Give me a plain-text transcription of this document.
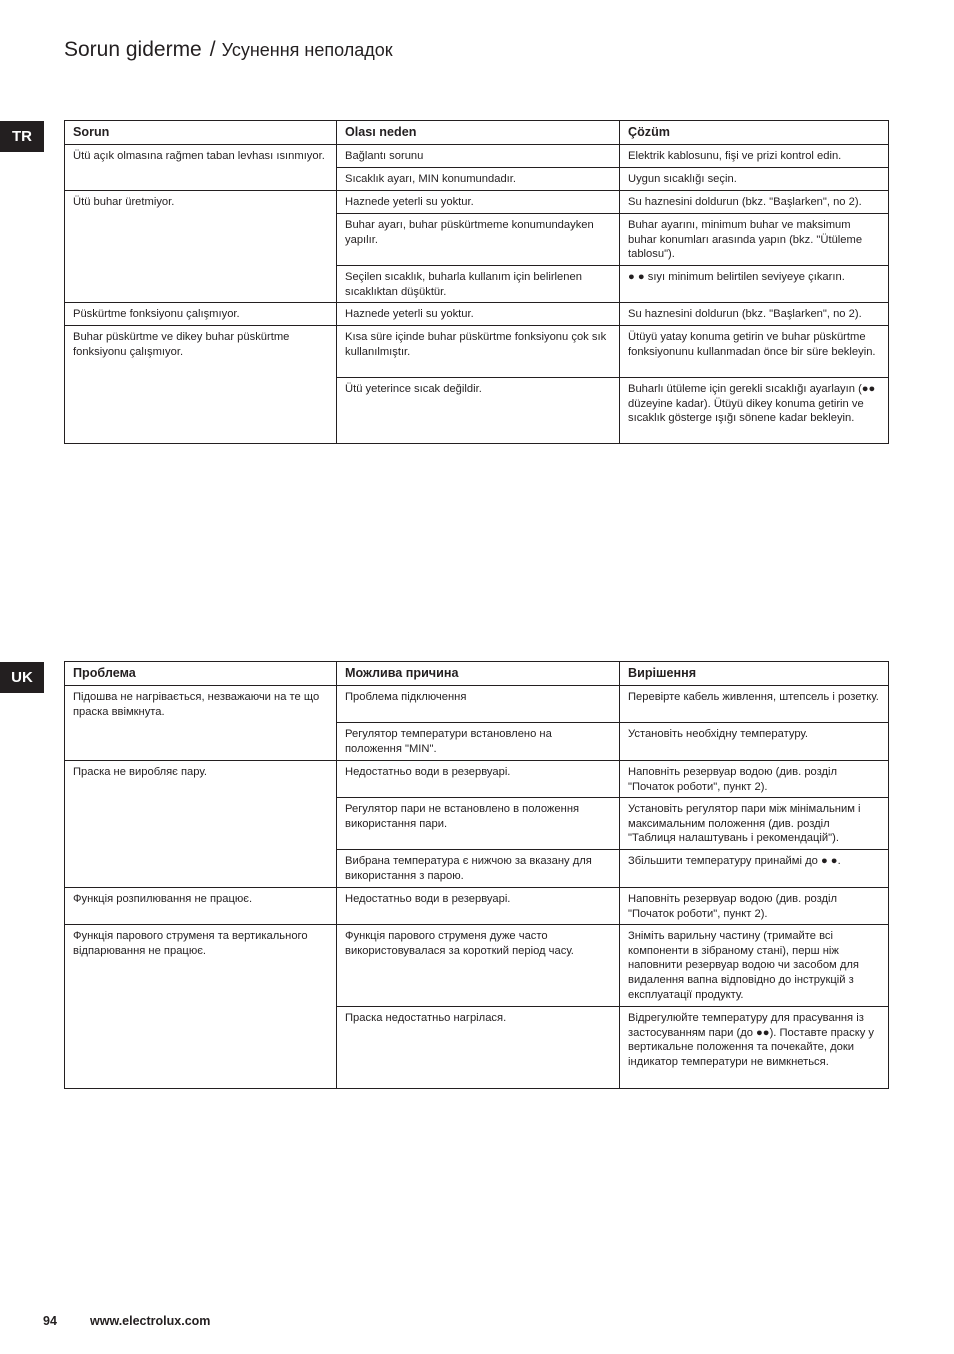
Sorun giderme / Усунення неполадок
TR	Sorun	Olası neden	Çözüm
Ütü açık olmasına rağmen taban levhası ısınmıyor.	Bağlantı sorunu	Elektrik kablosunu, fişi ve prizi kontrol edin.
	Sıcaklık ayarı, MIN konumundadır.	Uygun sıcaklığı seçin.
Ütü buhar üretmiyor.	Haznede yeterli su yoktur.	Su haznesini doldurun (bkz. "Başlarken", no 2).
	Buhar ayarı, buhar püskürtmeme konumundayken yapılır.	Buhar ayarını, minimum buhar ve maksimum buhar konumları arasında yapın (bkz. "Ütüleme tablosu").
	Seçilen sıcaklık, buharla kullanım için belirlenen sıcaklıktan düşüktür.	● ● sıyı minimum belirtilen seviyeye çıkarın.
Püskürtme fonksiyonu çalışmıyor.	Haznede yeterli su yoktur.	Su haznesini doldurun (bkz. "Başlarken", no 2).
Buhar püskürtme ve dikey buhar püskürtme fonksiyonu çalışmıyor.	Kısa süre içinde buhar püskürtme fonksiyonu çok sık kullanılmıştır.	Ütüyü yatay konuma getirin ve buhar püskürtme fonksiyonunu kullanmadan önce bir süre bekleyin.
	Ütü yeterince sıcak değildir.	Buharlı ütüleme için gerekli sıcaklığı ayarlayın (●● düzeyine kadar). Ütüyü dikey konuma getirin ve sıcaklık gösterge ışığı sönene kadar bekleyin.
UK	Проблема	Можлива причина	Вирішення
Підошва не нагрівається, незважаючи на те що праска ввімкнута.	Проблема підключення	Перевірте кабель живлення, штепсель і розетку.
	Регулятор температури встановлено на положення "MIN".	Установіть необхідну температуру.
Праска не виробляє пару.	Недостатньо води в резервуарі.	Наповніть резервуар водою (див. розділ "Початок роботи", пункт 2).
	Регулятор пари не встановлено в положення використання пари.	Установіть регулятор пари між мінімальним і максимальним положення (див. розділ "Таблиця налаштувань і рекомендацій").
	Вибрана температура є нижчою за вказану для використання з парою.	Збільшити температуру принаймі до ● ●.
Функція розпилювання не працює.	Недостатньо води в резервуарі.	Наповніть резервуар водою (див. розділ "Початок роботи", пункт 2).
Функція парового струменя та вертикального відпарювання не працює.	Функція парового струменя дуже часто використовувалася за короткий період часу.	Зніміть варильну частину (тримайте всі компоненти в зібраному стані), перш ніж наповнити резервуар водою чи засобом для видалення вапна відповідно до інструкцій з експлуатації продукту.
	Праска недостатньо нагрілася.	Відрегулюйте температуру для прасування із застосуванням пари (до ●●). Поставте праску у вертикальне положення та почекайте, доки індикатор температури не вимкнеться.
94	www.electrolux.com
